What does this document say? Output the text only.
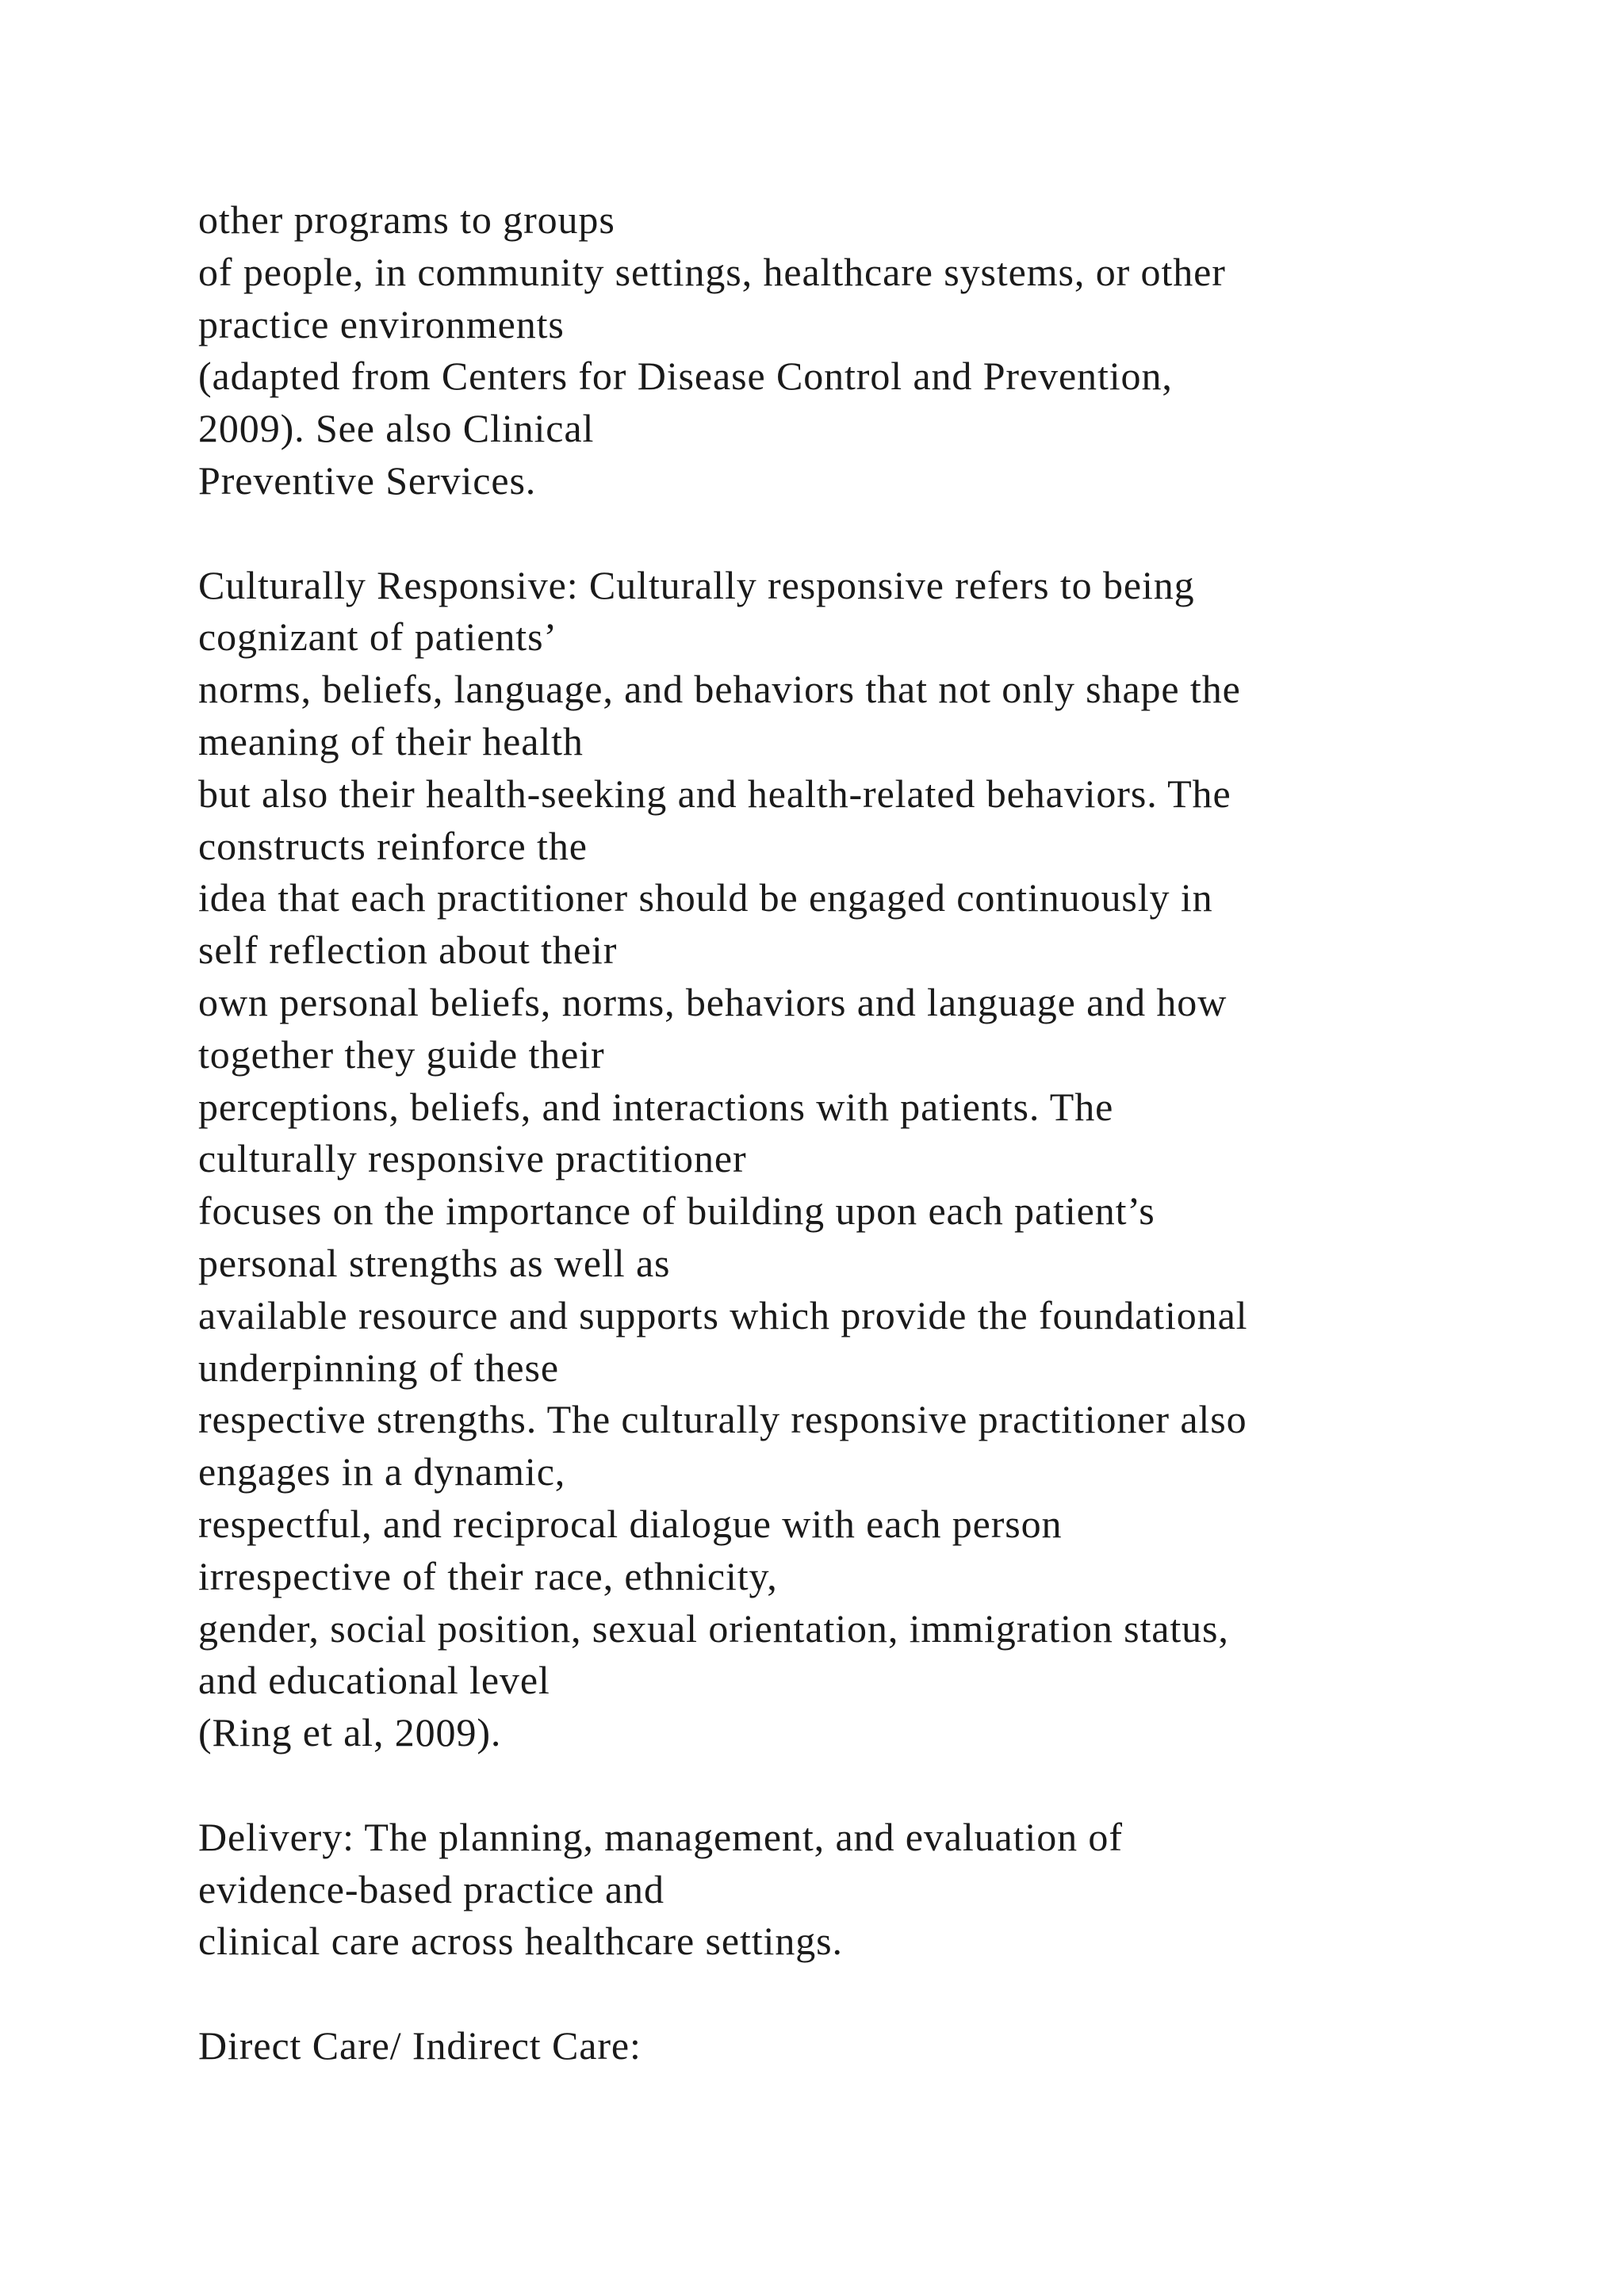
other programs to groups
of people, in community settings, healthcare systems, or other
practice environments
(adapted from Centers for Disease Control and Prevention,
2009). See also Clinical
Preventive Services.
Culturally Responsive: Culturally responsive refers to being
cognizant of patients’
norms, beliefs, language, and behaviors that not only shape the
meaning of their health
but also their health-seeking and health-related behaviors. The
constructs reinforce the
idea that each practitioner should be engaged continuously in
self reflection about their
own personal beliefs, norms, behaviors and language and how
together they guide their
perceptions, beliefs, and interactions with patients. The
culturally responsive practitioner
focuses on the importance of building upon each patient’s
personal strengths as well as
available resource and supports which provide the foundational
underpinning of these
respective strengths. The culturally responsive practitioner also
engages in a dynamic,
respectful, and reciprocal dialogue with each person
irrespective of their race, ethnicity,
gender, social position, sexual orientation, immigration status,
and educational level
(Ring et al, 2009).
Delivery: The planning, management, and evaluation of
evidence-based practice and
clinical care across healthcare settings.
Direct Care/ Indirect Care:
